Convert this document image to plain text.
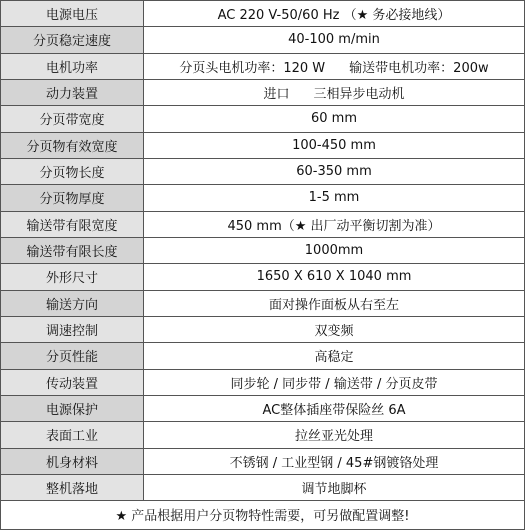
电源电压	AC 220 V-50/60 Hz （★ 务必接地线）
分页稳定速度	40-100 m/min
电机功率	分页头电机功率：120 W 输送带电机功率：200w
动力装置	进口 三相异步电动机
分页带宽度	60 mm
分页物有效宽度	100-450 mm
分页物长度	60-350 mm
分页物厚度	1-5 mm
输送带有限宽度	450 mm（★ 出厂动平衡切割为准）
输送带有限长度	1000mm
外形尺寸	1650 X 610 X 1040 mm
输送方向	面对操作面板从右至左
调速控制	双变频
分页性能	高稳定
传动装置	同步轮 / 同步带 / 输送带 / 分页皮带
电源保护	AC整体插座带保险丝 6A
表面工业	拉丝亚光处理
机身材料	不锈钢 / 工业型钢 / 45#钢镀铬处理
整机落地	调节地脚杯
★ 产品根据用户分页物特性需要，可另做配置调整!
